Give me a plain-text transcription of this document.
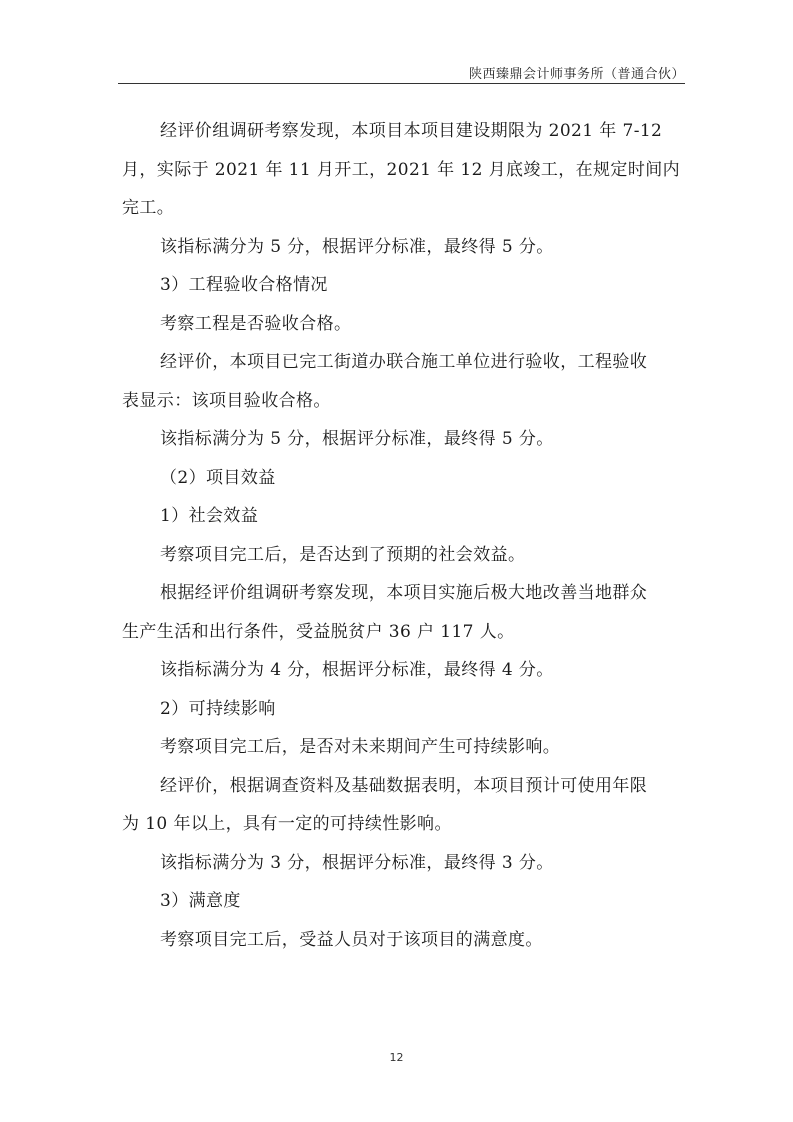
陕西臻鼎会计师事务所（普通合伙）
经评价组调研考察发现，本项目本项目建设期限为 2021 年 7-12
月，实际于 2021 年 11 月开工，2021 年 12 月底竣工，在规定时间内
完工。
该指标满分为 5 分，根据评分标准，最终得 5 分。
3）工程验收合格情况
考察工程是否验收合格。
经评价，本项目已完工街道办联合施工单位进行验收，工程验收
表显示：该项目验收合格。
该指标满分为 5 分，根据评分标准，最终得 5 分。
（2）项目效益
1）社会效益
考察项目完工后，是否达到了预期的社会效益。
根据经评价组调研考察发现，本项目实施后极大地改善当地群众
生产生活和出行条件，受益脱贫户 36 户 117 人。
该指标满分为 4 分，根据评分标准，最终得 4 分。
2）可持续影响
考察项目完工后，是否对未来期间产生可持续影响。
经评价，根据调查资料及基础数据表明，本项目预计可使用年限
为 10 年以上，具有一定的可持续性影响。
该指标满分为 3 分，根据评分标准，最终得 3 分。
3）满意度
考察项目完工后，受益人员对于该项目的满意度。
12
